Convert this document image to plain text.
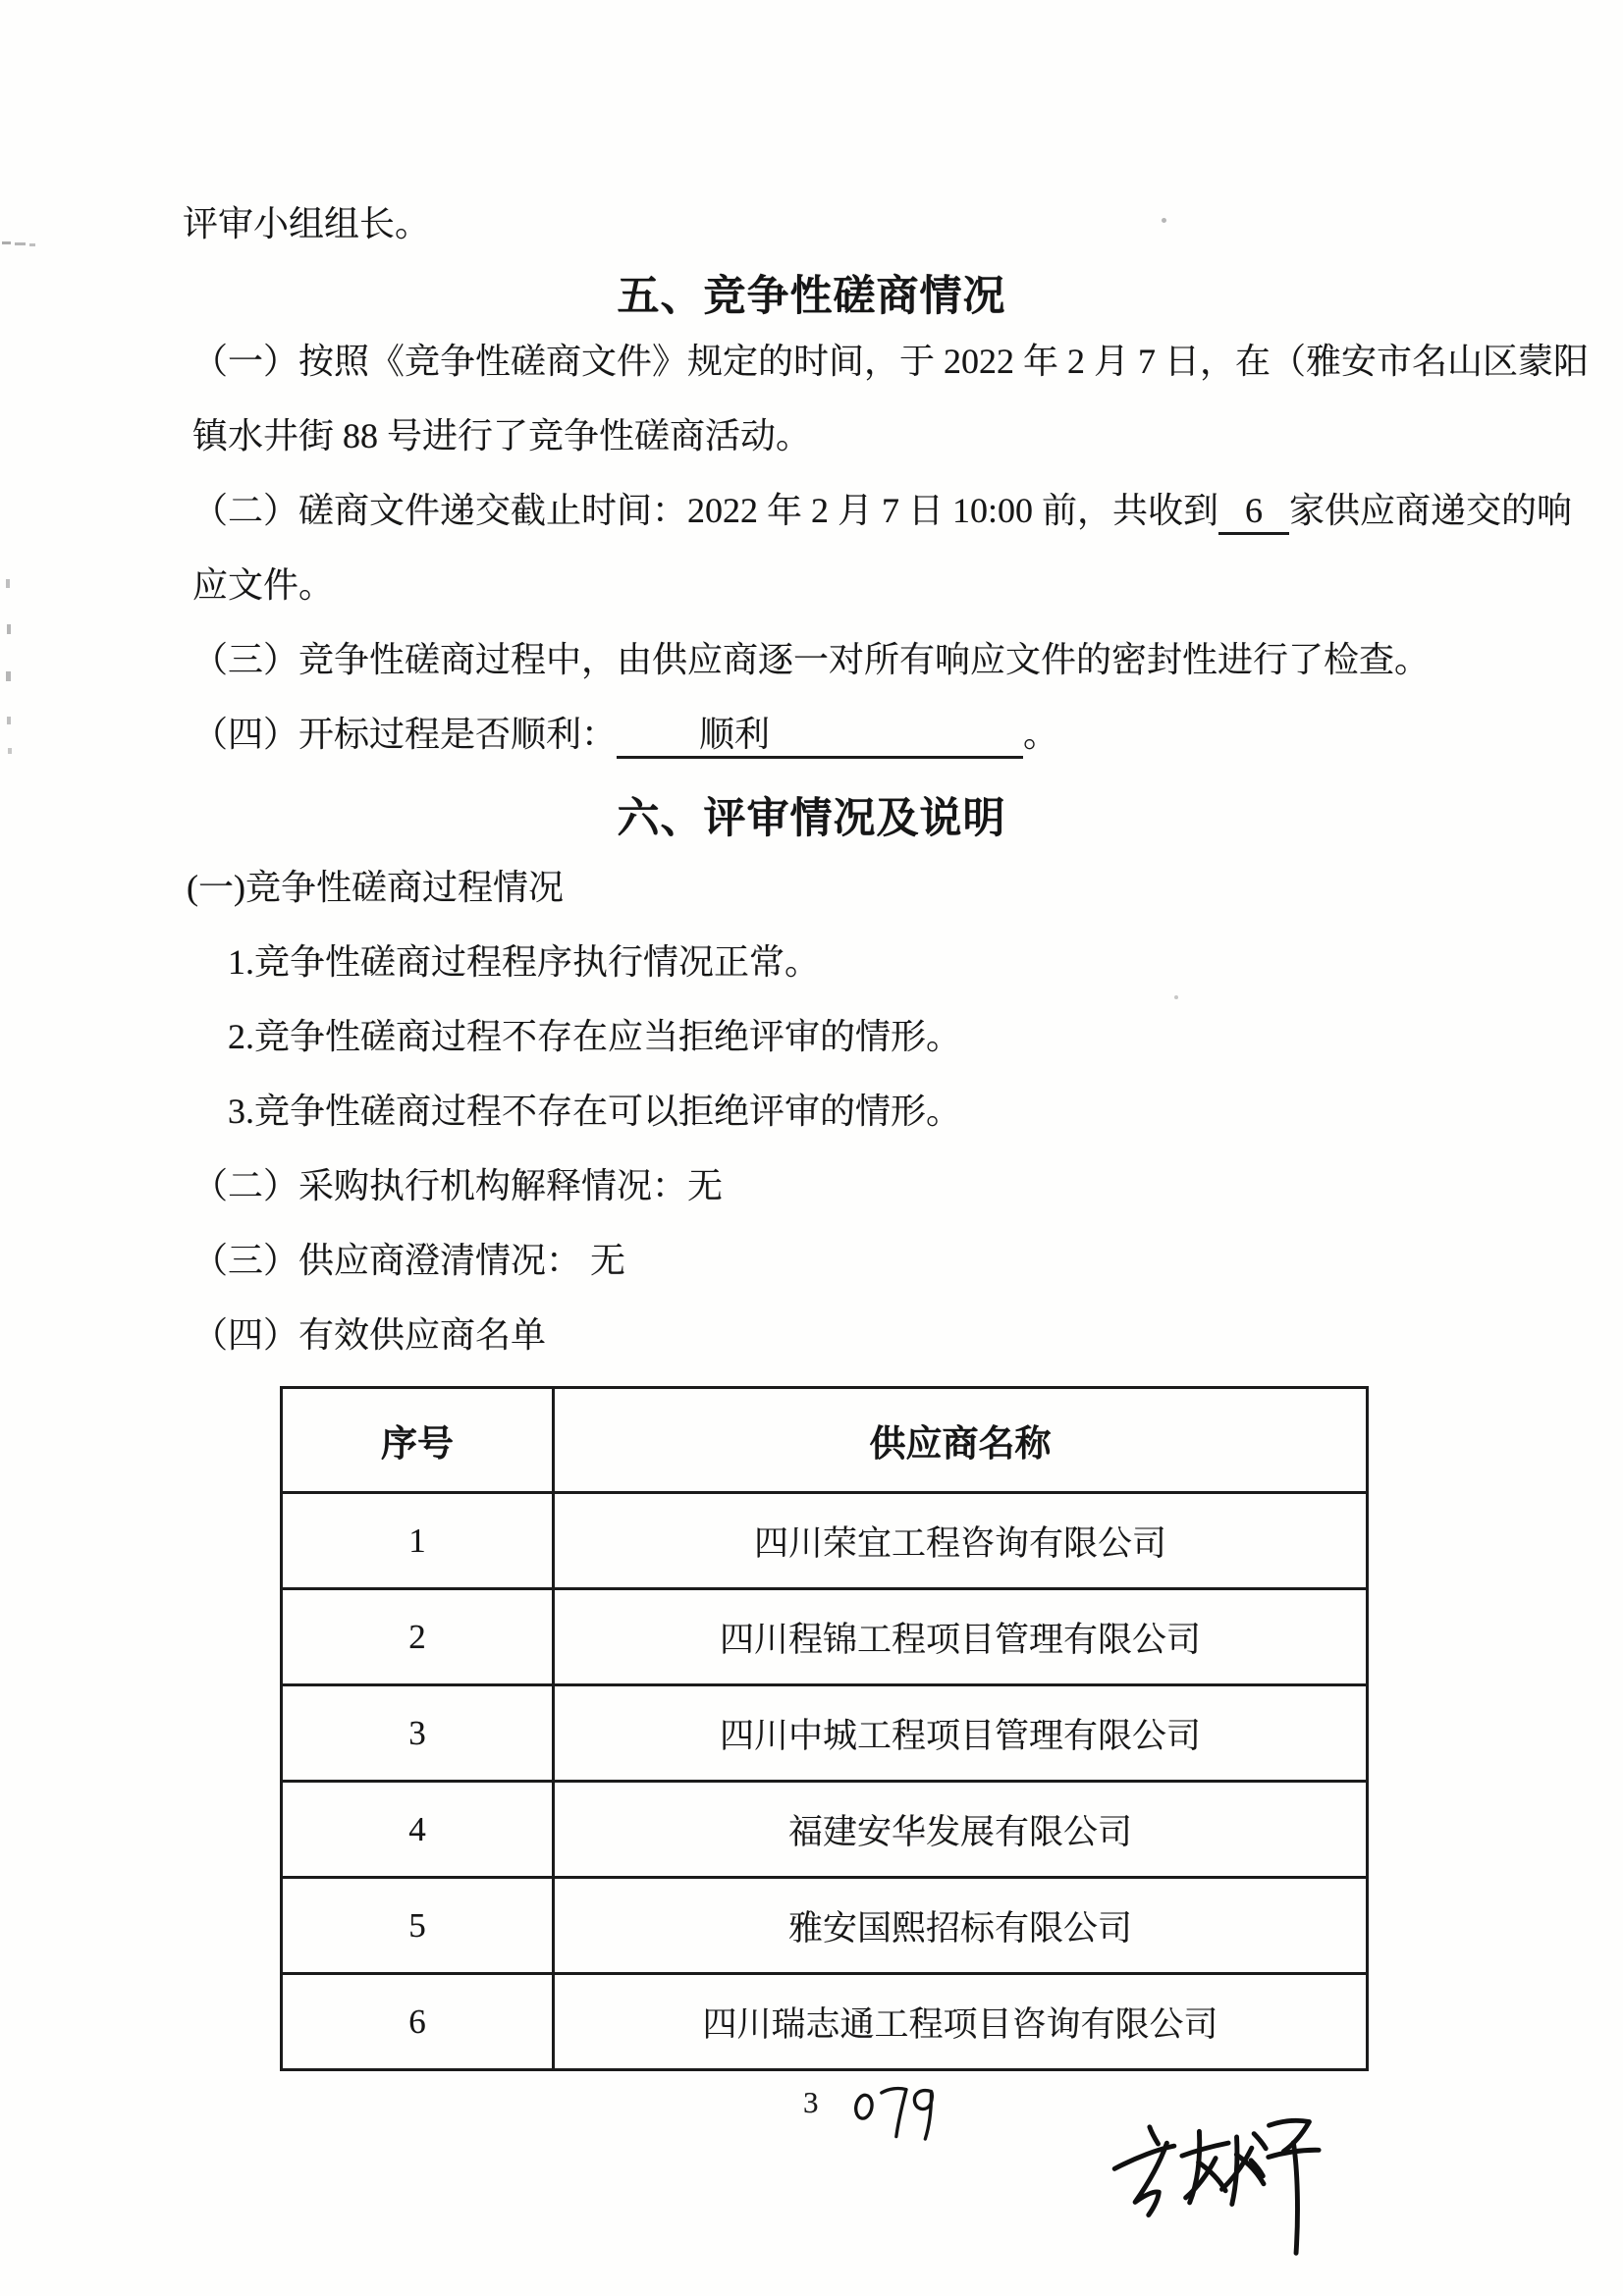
评审小组组长。
五、竞争性磋商情况
（一）按照《竞争性磋商文件》规定的时间，于 2022 年 2 月 7 日，在（雅安市名山区蒙阳
镇水井街 88 号进行了竞争性磋商活动。
（二）磋商文件递交截止时间：2022 年 2 月 7 日 10:00 前，共收到 6 家供应商递交的响
应文件。
（三）竞争性磋商过程中，由供应商逐一对所有响应文件的密封性进行了检查。
（四）开标过程是否顺利： 顺利	。
六、评审情况及说明
(一)竞争性磋商过程情况
1.竞争性磋商过程程序执行情况正常。
2.竞争性磋商过程不存在应当拒绝评审的情形。
3.竞争性磋商过程不存在可以拒绝评审的情形。
（二）采购执行机构解释情况：无
（三）供应商澄清情况： 无
（四）有效供应商名单
序号	供应商名称
1	四川荣宜工程咨询有限公司
2	四川程锦工程项目管理有限公司
3	四川中城工程项目管理有限公司
4	福建安华发展有限公司
5	雅安国熙招标有限公司
6	四川瑞志通工程项目咨询有限公司
3
